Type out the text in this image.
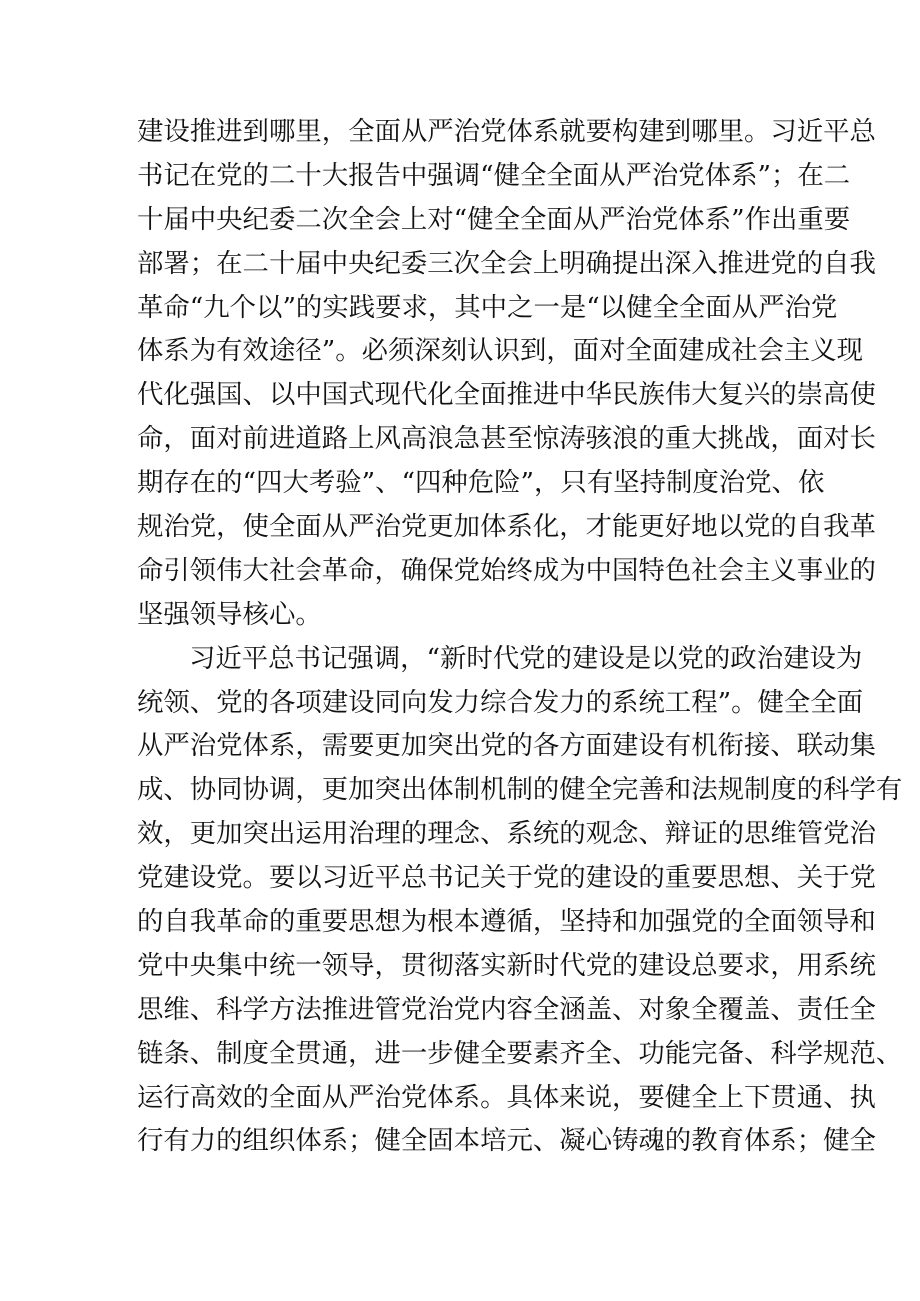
建设推进到哪里，全面从严治党体系就要构建到哪里。习近平总
书记在党的二十大报告中强调“健全全面从严治党体系”；在二
十届中央纪委二次全会上对“健全全面从严治党体系”作出重要
部署；在二十届中央纪委三次全会上明确提出深入推进党的自我
革命“九个以”的实践要求，其中之一是“以健全全面从严治党
体系为有效途径”。必须深刻认识到，面对全面建成社会主义现
代化强国、以中国式现代化全面推进中华民族伟大复兴的崇高使
命，面对前进道路上风高浪急甚至惊涛骇浪的重大挑战，面对长
期存在的“四大考验”、“四种危险”，只有坚持制度治党、依
规治党，使全面从严治党更加体系化，才能更好地以党的自我革
命引领伟大社会革命，确保党始终成为中国特色社会主义事业的
坚强领导核心。
习近平总书记强调，“新时代党的建设是以党的政治建设为
统领、党的各项建设同向发力综合发力的系统工程”。健全全面
从严治党体系，需要更加突出党的各方面建设有机衔接、联动集
成、协同协调，更加突出体制机制的健全完善和法规制度的科学有
效，更加突出运用治理的理念、系统的观念、辩证的思维管党治
党建设党。要以习近平总书记关于党的建设的重要思想、关于党
的自我革命的重要思想为根本遵循，坚持和加强党的全面领导和
党中央集中统一领导，贯彻落实新时代党的建设总要求，用系统
思维、科学方法推进管党治党内容全涵盖、对象全覆盖、责任全
链条、制度全贯通，进一步健全要素齐全、功能完备、科学规范、
运行高效的全面从严治党体系。具体来说，要健全上下贯通、执
行有力的组织体系；健全固本培元、凝心铸魂的教育体系；健全
